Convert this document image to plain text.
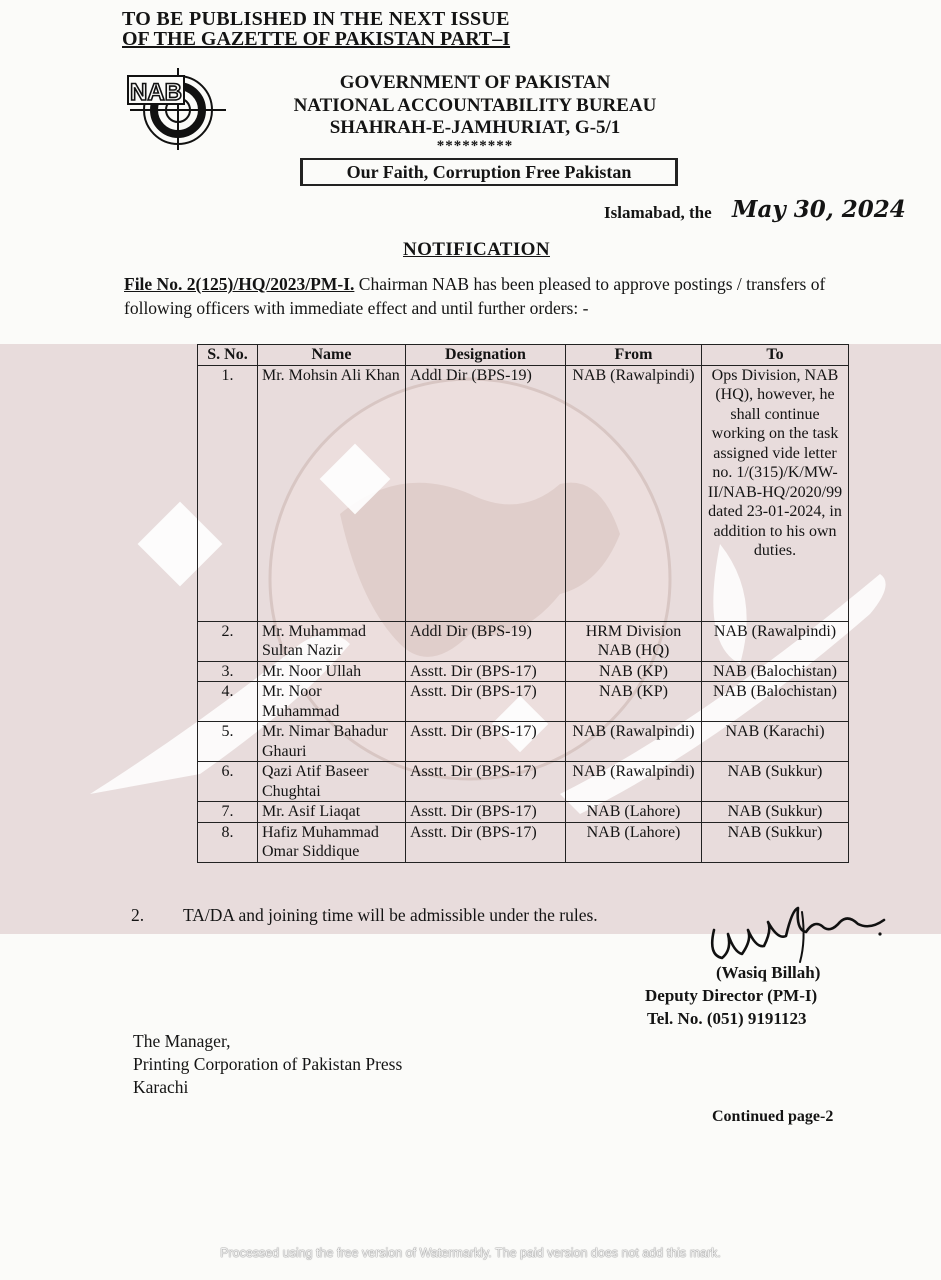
TO BE PUBLISHED IN THE NEXT ISSUE
OF THE GAZETTE OF PAKISTAN PART–I
NAB	GOVERNMENT OF PAKISTAN
NATIONAL ACCOUNTABILITY BUREAU
SHAHRAH-E-JAMHURIAT, G-5/1
*********
Our Faith, Corruption Free Pakistan
Islamabad, the May 30, 2024
NOTIFICATION
File No. 2(125)/HQ/2023/PM-I. Chairman NAB has been pleased to approve postings / transfers of following officers with immediate effect and until further orders: -
S. No.	Name	Designation	From	To
1.	Mr. Mohsin Ali Khan	Addl Dir (BPS-19)	NAB (Rawalpindi)	Ops Division, NAB (HQ), however, he shall continue working on the task assigned vide letter no. 1/(315)/K/MW-II/NAB-HQ/2020/99 dated 23-01-2024, in addition to his own duties.
2.	Mr. Muhammad Sultan Nazir	Addl Dir (BPS-19)	HRM Division NAB (HQ)	NAB (Rawalpindi)
3.	Mr. Noor Ullah	Asstt. Dir (BPS-17)	NAB (KP)	NAB (Balochistan)
4.	Mr. Noor Muhammad	Asstt. Dir (BPS-17)	NAB (KP)	NAB (Balochistan)
5.	Mr. Nimar Bahadur Ghauri	Asstt. Dir (BPS-17)	NAB (Rawalpindi)	NAB (Karachi)
6.	Qazi Atif Baseer Chughtai	Asstt. Dir (BPS-17)	NAB (Rawalpindi)	NAB (Sukkur)
7.	Mr. Asif Liaqat	Asstt. Dir (BPS-17)	NAB (Lahore)	NAB (Sukkur)
8.	Hafiz Muhammad Omar Siddique	Asstt. Dir (BPS-17)	NAB (Lahore)	NAB (Sukkur)
2. TA/DA and joining time will be admissible under the rules.
(Wasiq Billah)
Deputy Director (PM-I)
Tel. No. (051) 9191123
The Manager,
Printing Corporation of Pakistan Press
Karachi
Continued page-2
Processed using the free version of Watermarkly. The paid version does not add this mark.
